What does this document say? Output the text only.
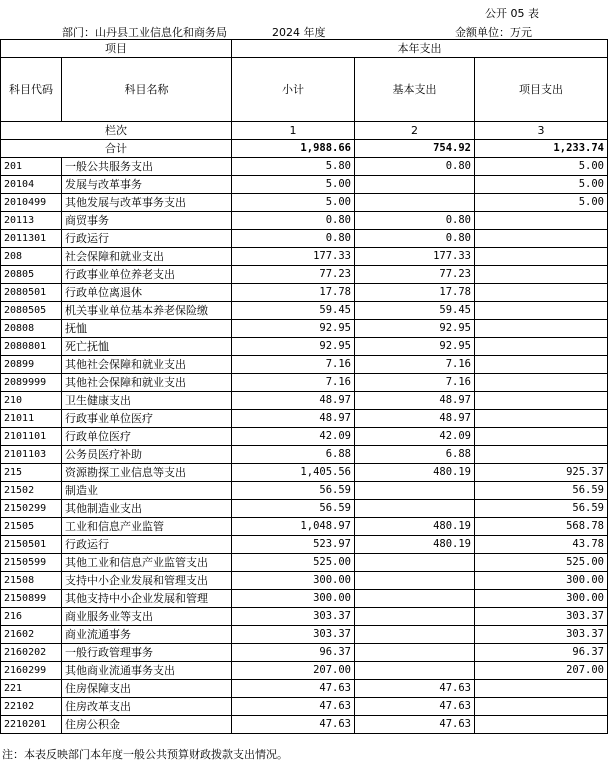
公开 05 表
部门：山丹县工业信息化和商务局	2024 年度	金额单位：万元
项目		本年支出		
科目代码	科目名称	小计	基本支出	项目支出
栏次		1	2	3
合计		1,988.66	754.92	1,233.74
201	一般公共服务支出	5.80	0.80	5.00
20104	发展与改革事务	5.00		5.00
2010499	其他发展与改革事务支出	5.00		5.00
20113	商贸事务	0.80	0.80	
2011301	行政运行	0.80	0.80	
208	社会保障和就业支出	177.33	177.33	
20805	行政事业单位养老支出	77.23	77.23	
2080501	行政单位离退休	17.78	17.78	
2080505	机关事业单位基本养老保险缴	59.45	59.45	
20808	抚恤	92.95	92.95	
2080801	死亡抚恤	92.95	92.95	
20899	其他社会保障和就业支出	7.16	7.16	
2089999	其他社会保障和就业支出	7.16	7.16	
210	卫生健康支出	48.97	48.97	
21011	行政事业单位医疗	48.97	48.97	
2101101	行政单位医疗	42.09	42.09	
2101103	公务员医疗补助	6.88	6.88	
215	资源勘探工业信息等支出	1,405.56	480.19	925.37
21502	制造业	56.59		56.59
2150299	其他制造业支出	56.59		56.59
21505	工业和信息产业监管	1,048.97	480.19	568.78
2150501	行政运行	523.97	480.19	43.78
2150599	其他工业和信息产业监管支出	525.00		525.00
21508	支持中小企业发展和管理支出	300.00		300.00
2150899	其他支持中小企业发展和管理	300.00		300.00
216	商业服务业等支出	303.37		303.37
21602	商业流通事务	303.37		303.37
2160202	一般行政管理事务	96.37		96.37
2160299	其他商业流通事务支出	207.00		207.00
221	住房保障支出	47.63	47.63	
22102	住房改革支出	47.63	47.63	
2210201	住房公积金	47.63	47.63	
注：本表反映部门本年度一般公共预算财政拨款支出情况。
